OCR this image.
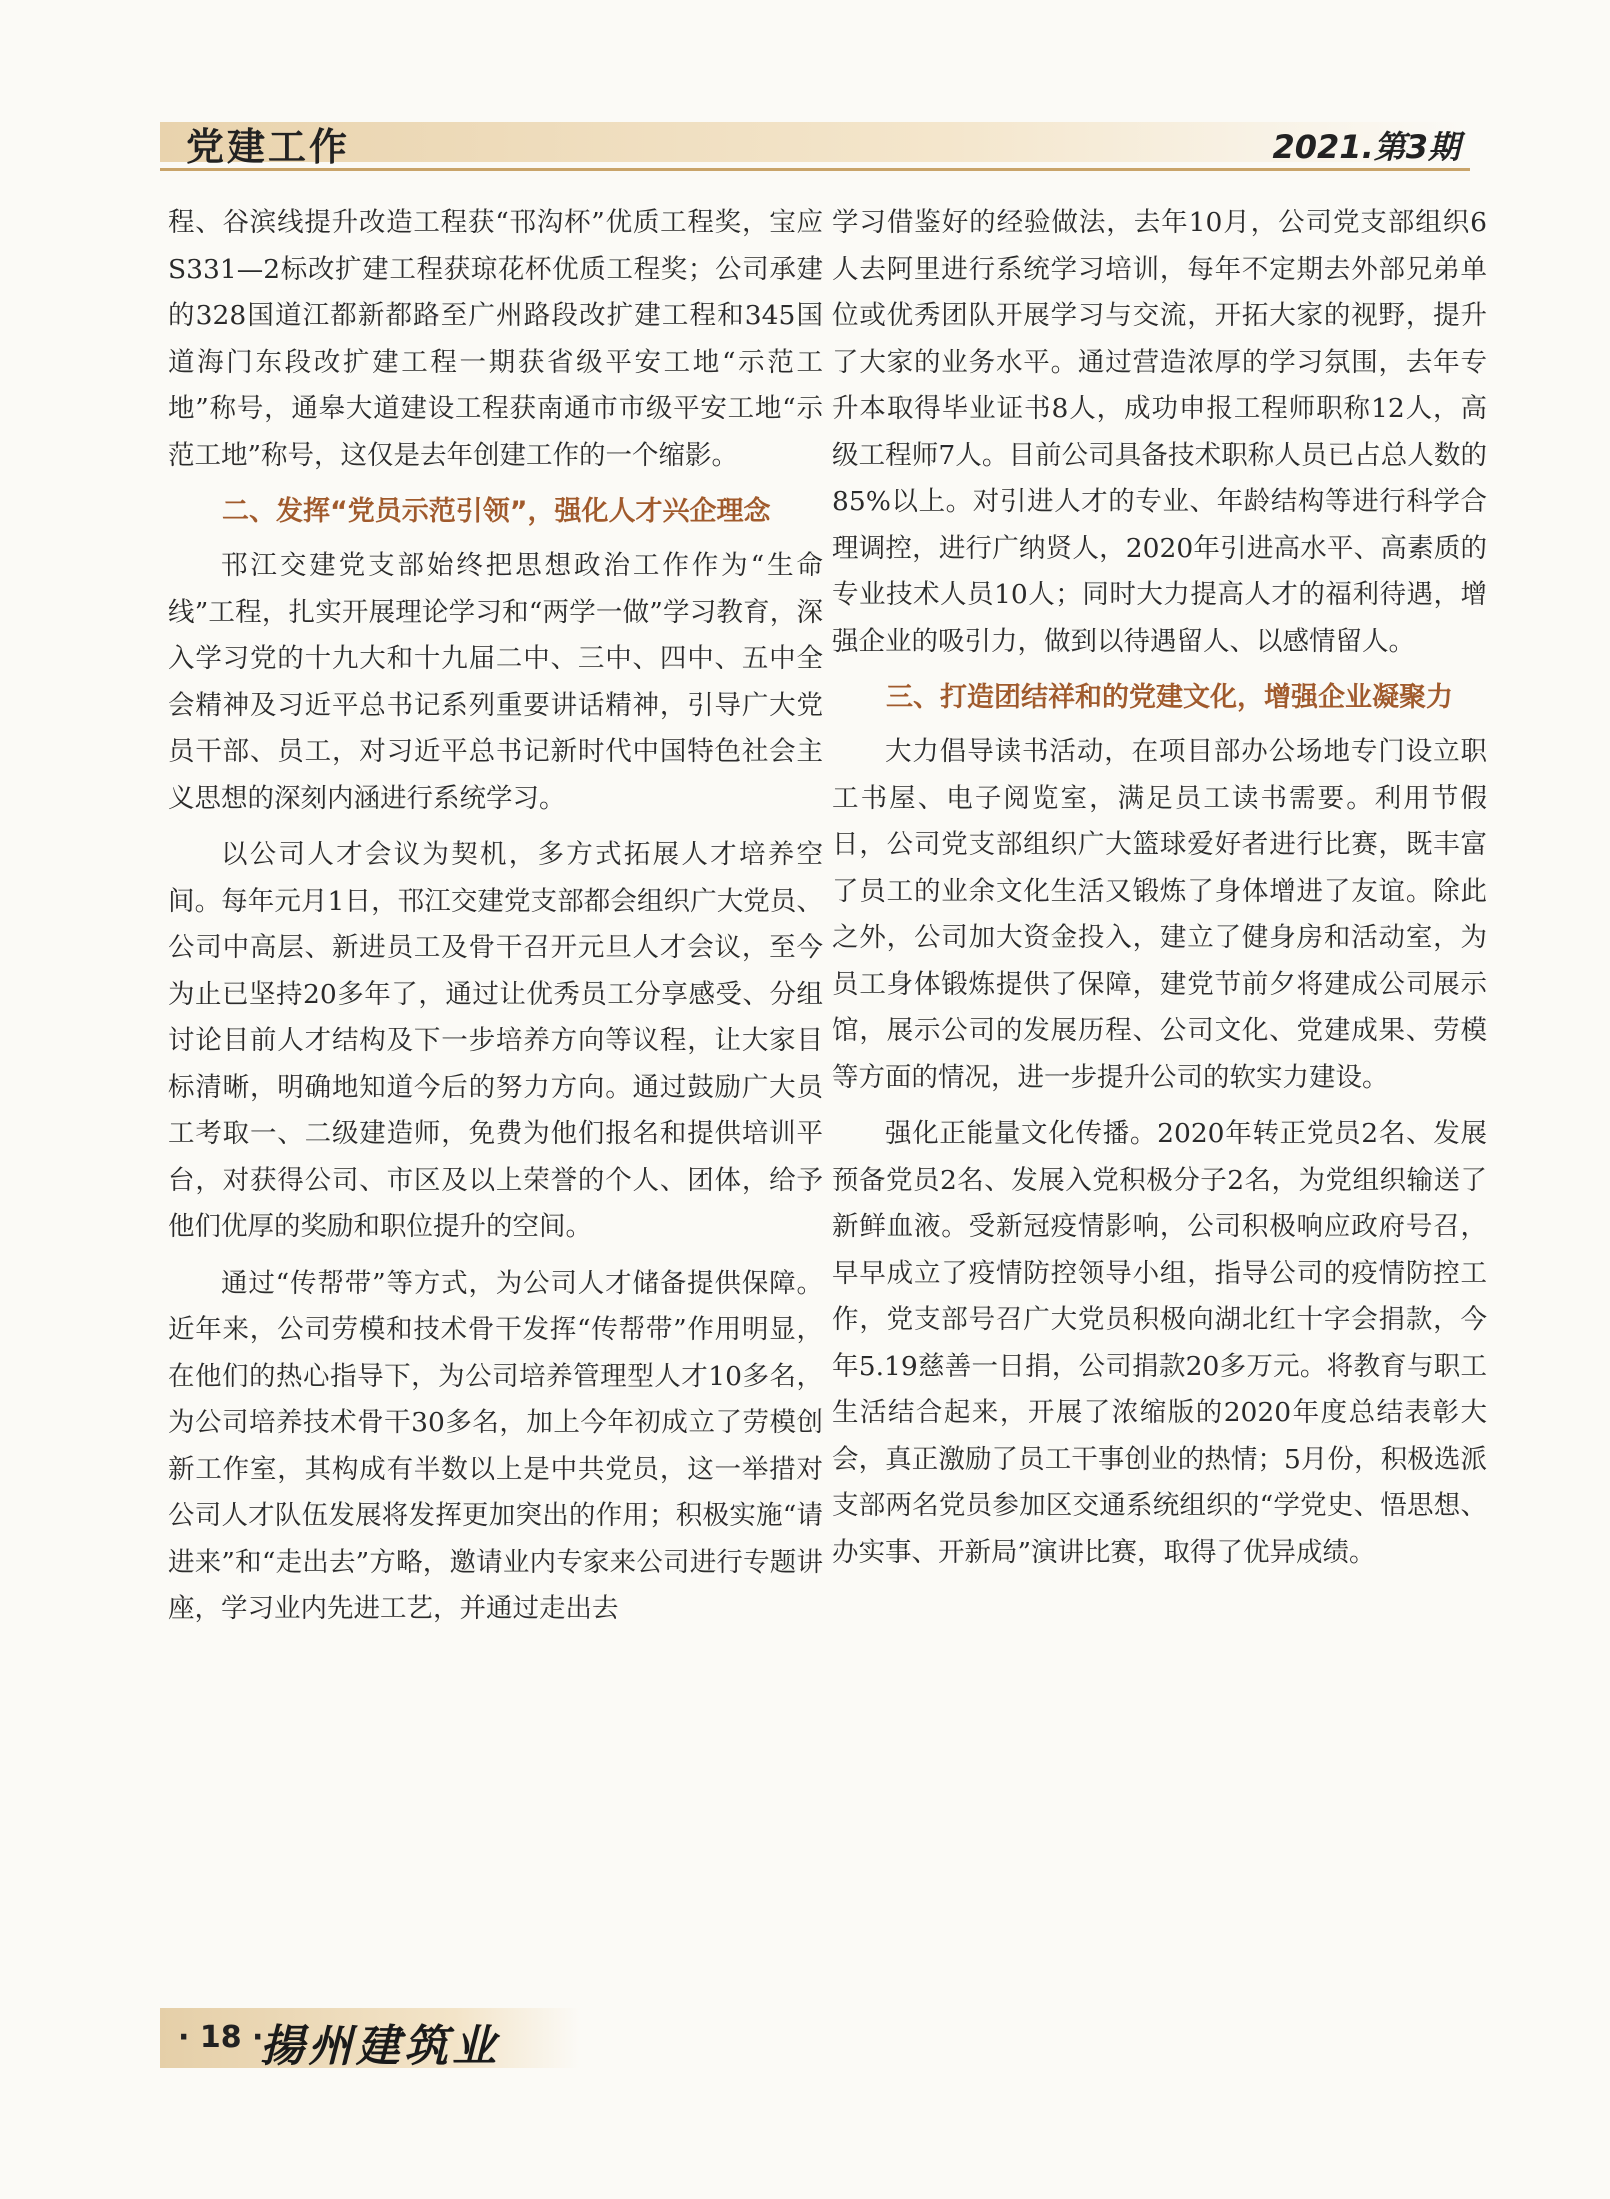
党建工作	2021.第3期

程、谷滨线提升改造工程获“邗沟杯”优质工程奖，宝应S331—2标改扩建工程获琼花杯优质工程奖；公司承建的328国道江都新都路至广州路段改扩建工程和345国道海门东段改扩建工程一期获省级平安工地“示范工地”称号，通皋大道建设工程获南通市市级平安工地“示范工地”称号，这仅是去年创建工作的一个缩影。

二、发挥“党员示范引领”，强化人才兴企理念

邗江交建党支部始终把思想政治工作作为“生命线”工程，扎实开展理论学习和“两学一做”学习教育，深入学习党的十九大和十九届二中、三中、四中、五中全会精神及习近平总书记系列重要讲话精神，引导广大党员干部、员工，对习近平总书记新时代中国特色社会主义思想的深刻内涵进行系统学习。

以公司人才会议为契机，多方式拓展人才培养空间。每年元月1日，邗江交建党支部都会组织广大党员、公司中高层、新进员工及骨干召开元旦人才会议，至今为止已坚持20多年了，通过让优秀员工分享感受、分组讨论目前人才结构及下一步培养方向等议程，让大家目标清晰，明确地知道今后的努力方向。通过鼓励广大员工考取一、二级建造师，免费为他们报名和提供培训平台，对获得公司、市区及以上荣誉的个人、团体，给予他们优厚的奖励和职位提升的空间。

通过“传帮带”等方式，为公司人才储备提供保障。近年来，公司劳模和技术骨干发挥“传帮带”作用明显，在他们的热心指导下，为公司培养管理型人才10多名，为公司培养技术骨干30多名，加上今年初成立了劳模创新工作室，其构成有半数以上是中共党员，这一举措对公司人才队伍发展将发挥更加突出的作用；积极实施“请进来”和“走出去”方略，邀请业内专家来公司进行专题讲座，学习业内先进工艺，并通过走出去

学习借鉴好的经验做法，去年10月，公司党支部组织6人去阿里进行系统学习培训，每年不定期去外部兄弟单位或优秀团队开展学习与交流，开拓大家的视野，提升了大家的业务水平。通过营造浓厚的学习氛围，去年专升本取得毕业证书8人，成功申报工程师职称12人，高级工程师7人。目前公司具备技术职称人员已占总人数的85%以上。对引进人才的专业、年龄结构等进行科学合理调控，进行广纳贤人，2020年引进高水平、高素质的专业技术人员10人；同时大力提高人才的福利待遇，增强企业的吸引力，做到以待遇留人、以感情留人。

三、打造团结祥和的党建文化，增强企业凝聚力

大力倡导读书活动，在项目部办公场地专门设立职工书屋、电子阅览室，满足员工读书需要。利用节假日，公司党支部组织广大篮球爱好者进行比赛，既丰富了员工的业余文化生活又锻炼了身体增进了友谊。除此之外，公司加大资金投入，建立了健身房和活动室，为员工身体锻炼提供了保障，建党节前夕将建成公司展示馆，展示公司的发展历程、公司文化、党建成果、劳模等方面的情况，进一步提升公司的软实力建设。

强化正能量文化传播。2020年转正党员2名、发展预备党员2名、发展入党积极分子2名，为党组织输送了新鲜血液。受新冠疫情影响，公司积极响应政府号召，早早成立了疫情防控领导小组，指导公司的疫情防控工作，党支部号召广大党员积极向湖北红十字会捐款，今年5.19慈善一日捐，公司捐款20多万元。将教育与职工生活结合起来，开展了浓缩版的2020年度总结表彰大会，真正激励了员工干事创业的热情；5月份，积极选派支部两名党员参加区交通系统组织的“学党史、悟思想、办实事、开新局”演讲比赛，取得了优异成绩。

· 18 ·
揚州建筑业
